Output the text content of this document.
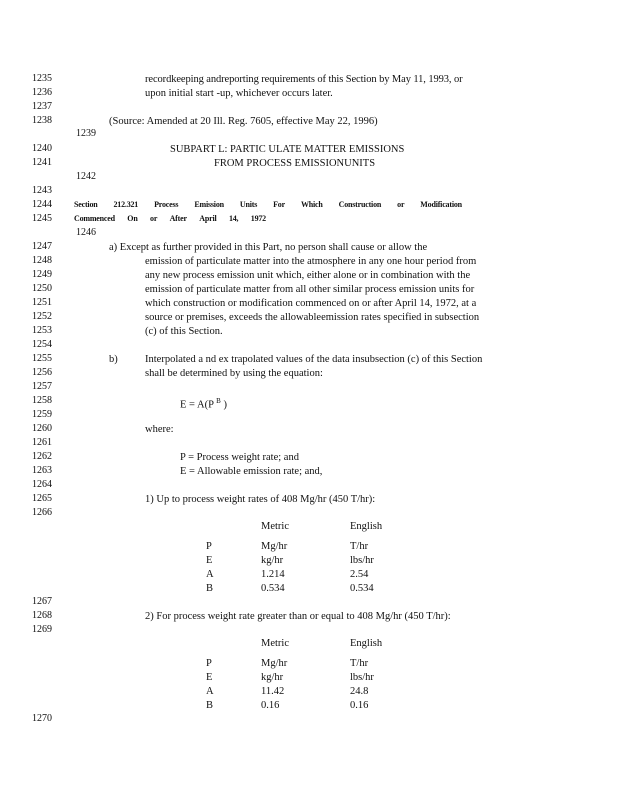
1235
1236
1237
1238
1239
1240
1241
1242
1243
1244
1245
1246
1247
1248
1249
1250
1251
1252
1253
1254
1255
1256
1257
1258
1259
1260
1261
1262
1263
1264
1265
1266
1267
1268
1269
1270
recordkeeping andreporting requirements of this Section by May 11, 1993, or
upon initial start -up, whichever occurs later.
(Source: Amended at 20 Ill. Reg. 7605, effective May 22, 1996)
SUBPART L: PARTIC ULATE MATTER EMISSIONS
FROM PROCESS EMISSIONUNITS
Section 212.321 Process Emission Units For Which Construction or Modification
Commenced On or After April 14, 1972
a) Except as further provided in this Part, no person shall cause or allow the
emission of particulate matter into the atmosphere in any one hour period from
any new process emission unit which, either alone or in combination with the
emission of particulate matter from all other similar process emission units for
which construction or modification commenced on or after April 14, 1972, at a
source or premises, exceeds the allowableemission rates specified in subsection
(c) of this Section.
b)	Interpolated a nd ex trapolated values of the data insubsection (c) of this Section
shall be determined by using the equation:
E = A(P $^B$ )
where:
P = Process weight rate; and
E = Allowable emission rate; and,
1) Up to process weight rates of 408 Mg/hr (450 T/hr):
Metric	English
P	Mg/hr	T/hr
E	kg/hr	lbs/hr
A	1.214	2.54
B	0.534	0.534
2) For process weight rate greater than or equal to 408 Mg/hr (450 T/hr):
Metric	English
P	Mg/hr	T/hr
E	kg/hr	lbs/hr
A	11.42	24.8
B	0.16	0.16
